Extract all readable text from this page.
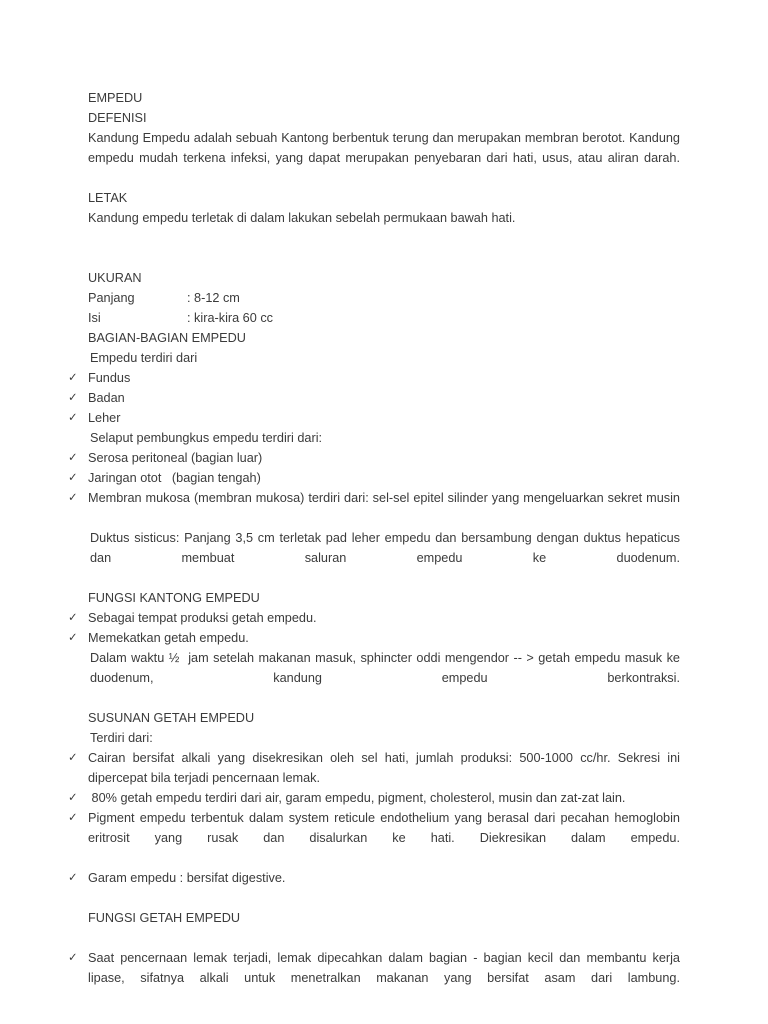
EMPEDU
DEFENISI
Kandung Empedu adalah sebuah Kantong berbentuk terung dan merupakan membran berotot. Kandung empedu mudah terkena infeksi, yang dapat merupakan penyebaran dari hati, usus, atau aliran darah.
LETAK
Kandung empedu terletak di dalam lakukan sebelah permukaan bawah hati.
UKURAN
Panjang	: 8-12 cm
Isi	: kira-kira 60 cc
BAGIAN-BAGIAN EMPEDU
Empedu terdiri dari
✓ Fundus
✓ Badan
✓ Leher
Selaput pembungkus empedu terdiri dari:
✓ Serosa peritoneal (bagian luar)
✓ Jaringan otot   (bagian tengah)
✓ Membran mukosa (membran mukosa) terdiri dari: sel-sel epitel silinder yang mengeluarkan sekret musin
Duktus sisticus: Panjang 3,5 cm terletak pad leher empedu dan bersambung dengan duktus hepaticus dan membuat saluran empedu ke duodenum.
FUNGSI KANTONG EMPEDU
✓ Sebagai tempat produksi getah empedu.
✓ Memekatkan getah empedu.
Dalam waktu ½  jam setelah makanan masuk, sphincter oddi mengendor -- > getah empedu masuk ke duodenum, kandung empedu berkontraksi.
SUSUNAN GETAH EMPEDU
Terdiri dari:
✓ Cairan bersifat alkali yang disekresikan oleh sel hati, jumlah produksi: 500-1000 cc/hr. Sekresi ini dipercepat bila terjadi pencernaan lemak.
✓ 80% getah empedu terdiri dari air, garam empedu, pigment, cholesterol, musin dan zat-zat lain.
✓ Pigment empedu terbentuk dalam system reticule endothelium yang berasal dari pecahan hemoglobin eritrosit yang rusak dan disalurkan ke hati. Diekresikan dalam empedu.
✓ Garam empedu : bersifat digestive.
FUNGSI GETAH EMPEDU
✓ Saat pencernaan lemak terjadi, lemak dipecahkan dalam bagian - bagian kecil dan membantu kerja lipase, sifatnya alkali untuk menetralkan makanan yang bersifat asam dari lambung.
